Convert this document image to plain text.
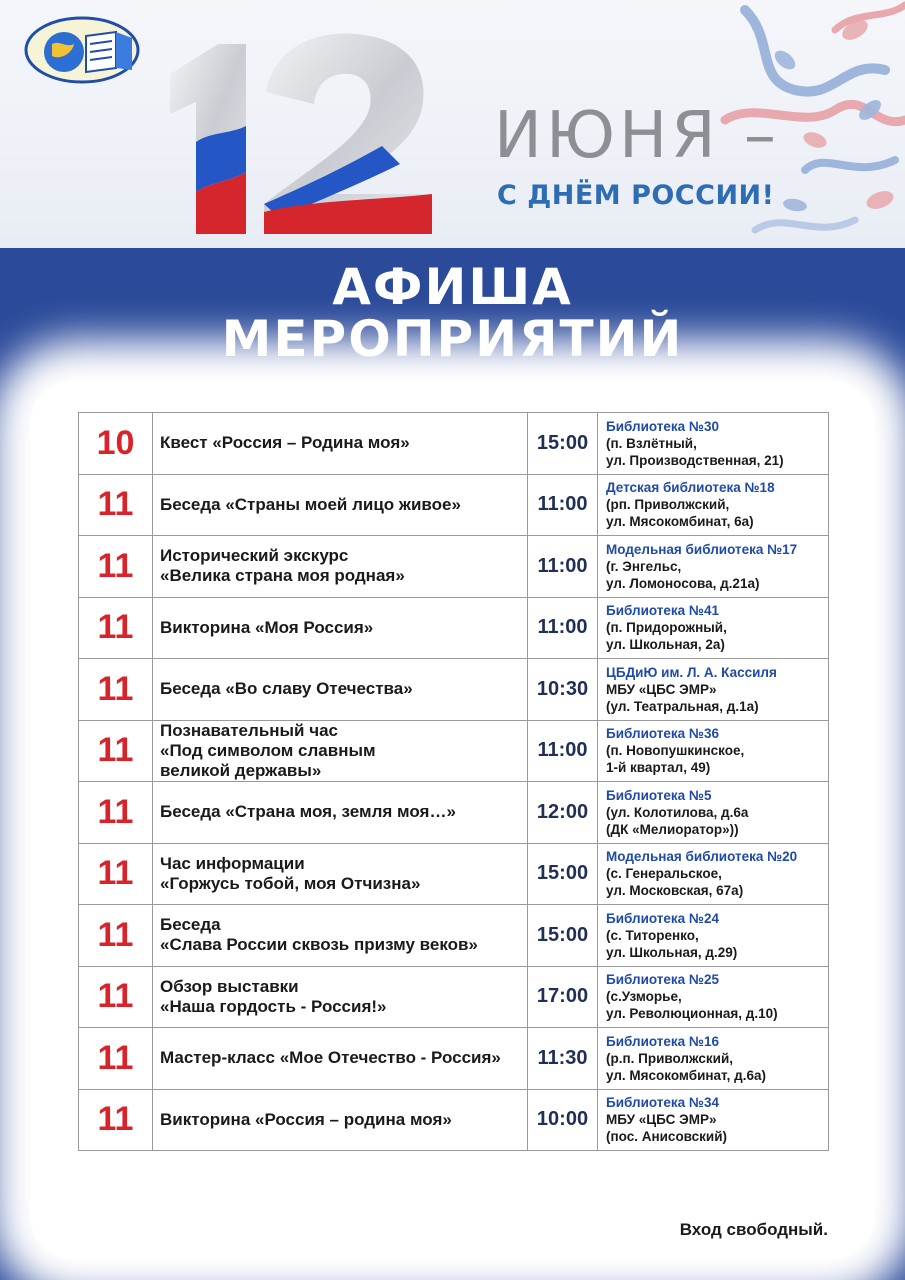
ИЮНЯ –

С ДНЁМ РОССИИ!

АФИША
МЕРОПРИЯТИЙ
10	Квест «Россия – Родина моя»	15:00	Библиотека №30
(п. Взлётный,
ул. Производственная, 21)

11	Беседа «Страны моей лицо живое»	11:00	Детская библиотека №18
(рп. Приволжский,
ул. Мясокомбинат, 6а)

11	Исторический экскурс
«Велика страна моя родная»	11:00	Модельная библиотека №17
(г. Энгельс,
ул. Ломоносова, д.21а)

11	Викторина «Моя Россия»	11:00	Библиотека №41
(п. Придорожный,
ул. Школьная, 2а)

11	Беседа «Во славу Отечества»	10:30	ЦБДиЮ им. Л. А. Кассиля
МБУ «ЦБС ЭМР»
(ул. Театральная, д.1а)

11	Познавательный час
«Под символом славным
великой державы»	11:00	Библиотека №36
(п. Новопушкинское,
1-й квартал, 49)

11	Беседа «Страна моя, земля моя…»	12:00	Библиотека №5
(ул. Колотилова, д.6а
(ДК «Мелиоратор»))

11	Час информации
«Горжусь тобой, моя Отчизна»	15:00	Модельная библиотека №20
(с. Генеральское,
ул. Московская, 67а)

11	Беседа
«Слава России сквозь призму веков»	15:00	Библиотека №24
(с. Титоренко,
ул. Школьная, д.29)

11	Обзор выставки
«Наша гордость - Россия!»	17:00	Библиотека №25
(с.Узморье,
ул. Революционная, д.10)

11	Мастер-класс «Мое Отечество - Россия»	11:30	Библиотека №16
(р.п. Приволжский,
ул. Мясокомбинат, д.6а)

11	Викторина «Россия – родина моя»	10:00	Библиотека №34
МБУ «ЦБС ЭМР»
(пос. Анисовский)

Вход свободный.
